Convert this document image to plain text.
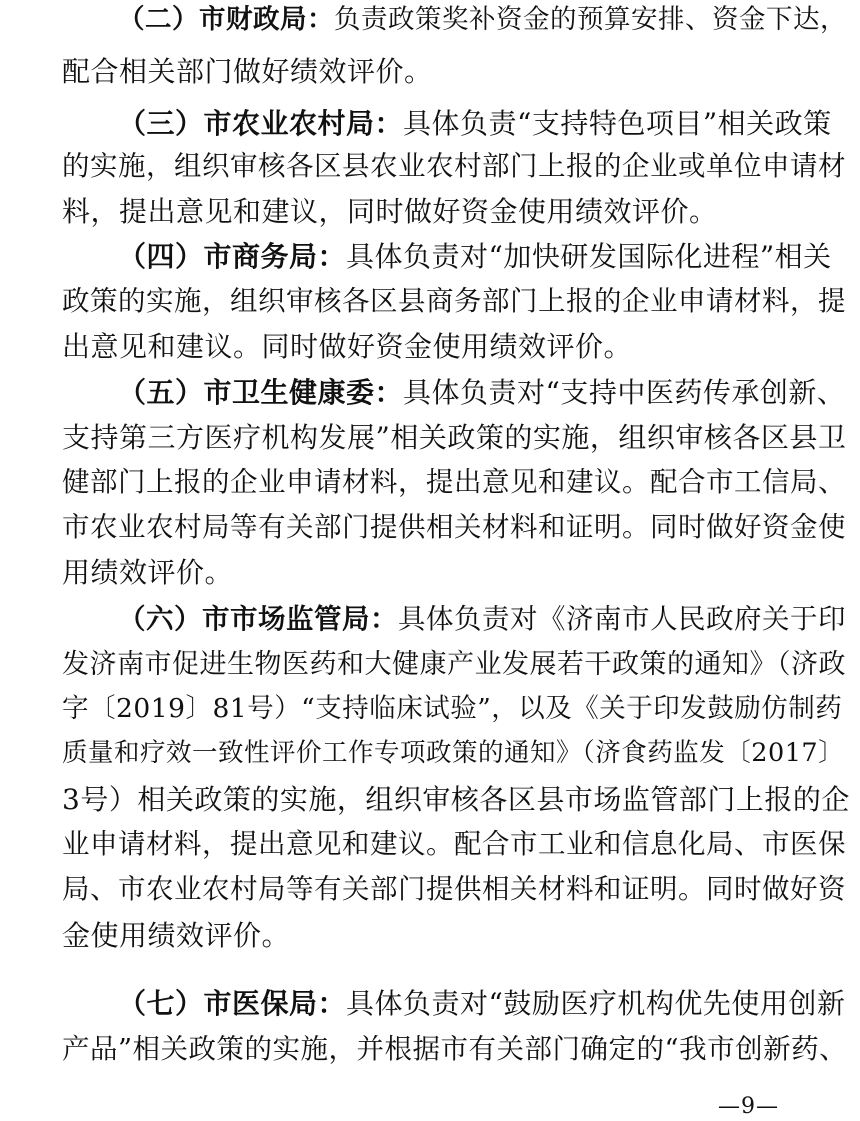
（二）市财政局：负责政策奖补资金的预算安排、资金下达，
配合相关部门做好绩效评价。
（三）市农业农村局：具体负责“支持特色项目”相关政策
的实施，组织审核各区县农业农村部门上报的企业或单位申请材
料，提出意见和建议，同时做好资金使用绩效评价。
（四）市商务局：具体负责对“加快研发国际化进程”相关
政策的实施，组织审核各区县商务部门上报的企业申请材料，提
出意见和建议。同时做好资金使用绩效评价。
（五）市卫生健康委：具体负责对“支持中医药传承创新、
支持第三方医疗机构发展”相关政策的实施，组织审核各区县卫
健部门上报的企业申请材料，提出意见和建议。配合市工信局、
市农业农村局等有关部门提供相关材料和证明。同时做好资金使
用绩效评价。
（六）市市场监管局：具体负责对《济南市人民政府关于印
发济南市促进生物医药和大健康产业发展若干政策的通知》（济政
字〔2019〕81号）“支持临床试验”，以及《关于印发鼓励仿制药
质量和疗效一致性评价工作专项政策的通知》（济食药监发〔2017〕
3号）相关政策的实施，组织审核各区县市场监管部门上报的企
业申请材料，提出意见和建议。配合市工业和信息化局、市医保
局、市农业农村局等有关部门提供相关材料和证明。同时做好资
金使用绩效评价。
（七）市医保局：具体负责对“鼓励医疗机构优先使用创新
产品”相关政策的实施，并根据市有关部门确定的“我市创新药、
—9—
